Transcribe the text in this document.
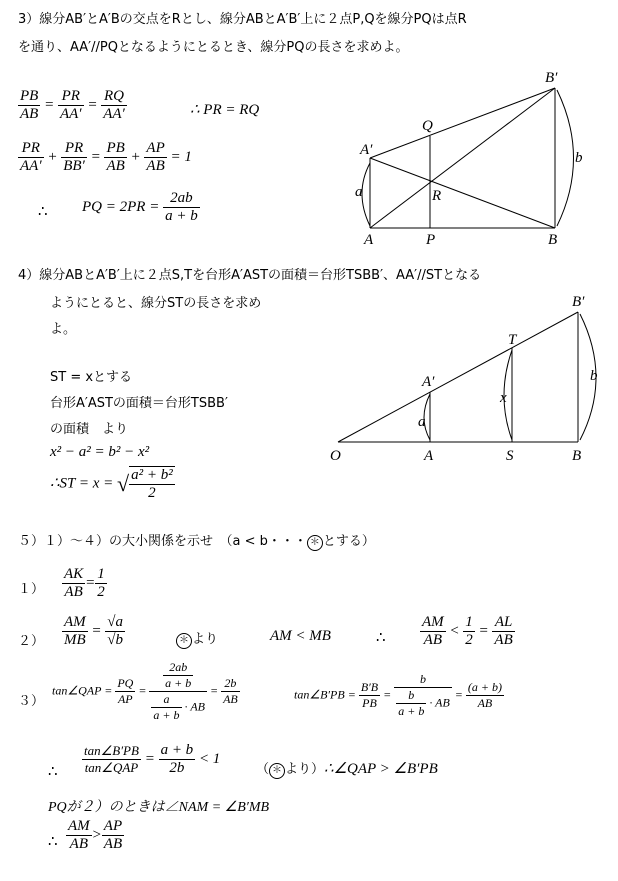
3）線分AB′とA′Bの交点をRとし、線分ABとA′B′上に２点P,Qを線分PQは点R
を通り、AA′//PQとなるようにとるとき、線分PQの長さを求めよ。
$\frac{PB}{AB} = \frac{PR}{AA'} = \frac{RQ}{AA'}$	∴ PR = RQ
$\frac{PR}{AA'} + \frac{PR}{BB'} = \frac{PB}{AB} + \frac{AP}{AB} = 1$
∴ PQ = $2PR = \frac{2ab}{a + b}$
B′
Q
A′
a
b
R
A	P	B
4）線分ABとA′B′上に２点S,Tを台形A′ASTの面積＝台形TSBB′、AA′//STとなる
ようにとると、線分STの長さを求め
よ。
ST = xとする
台形A′ASTの面積＝台形TSBB′
の面積　より
x² − a² = b² − x²
∴ST = x = √ $\frac{\text{a² + b²}}{2}$
B′
T
A′	b
x
a
O	A	S	B
５）１）～４）の大小関係を示せ　（a < b・・・ ＊ とする）
$1) \frac{AK}{AB} = \frac{1}{2}$
$2) \frac{AM}{MB} = \frac{√a}{√b}$	＊ より	AM < MB	∴ $\frac{AM}{AB} < \frac{1}{2} = \frac{AL}{AB}$
３）
tan∠QAP = $\frac{PQ}{AP} = \frac{\frac{2ab}{a + b}}{\frac{a}{a + b} \cdot AB} = \frac{2b}{AB}$	tan∠B′PB = $\frac{B'B}{PB} = \frac{b}{\frac{b}{a + b} \cdot AB} = \frac{(a + b)}{AB}$
∴ $\frac{\tan\angle B'PB}{\text{tan∠QAP}} = \frac{a + b}{2b} < 1$
（ ＊ より）∴∠QAP > ∠B′PB
PQが２）のときは∠NAM = ∠B′MB
∴ $\frac{AM}{AB} > \frac{AP}{AB}$
